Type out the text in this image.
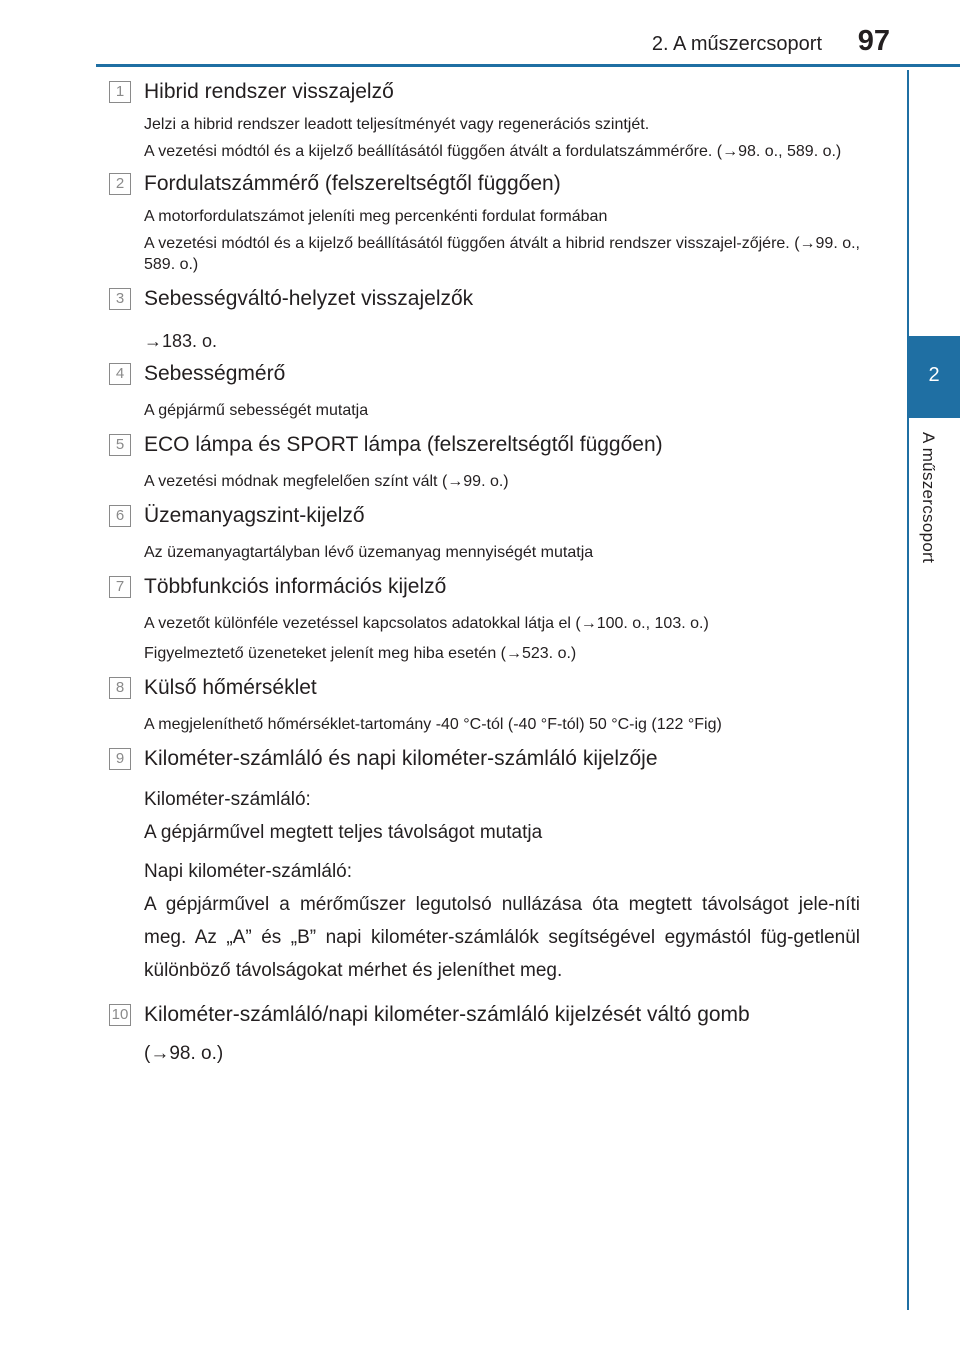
2. A műszercsoport 97
2
A műszercsoport
1 Hibrid rendszer visszajelző

Jelzi a hibrid rendszer leadott teljesítményét vagy regenerációs szintjét.

A vezetési módtól és a kijelző beállításától függően átvált a fordulatszámmérőre. (→98. o., 589. o.)

2 Fordulatszámmérő (felszereltségtől függően)

A motorfordulatszámot jeleníti meg percenkénti fordulat formában

A vezetési módtól és a kijelző beállításától függően átvált a hibrid rendszer visszajel-zőjére. (→99. o., 589. o.)

3 Sebességváltó-helyzet visszajelzők

→183. o.

4 Sebességmérő

A gépjármű sebességét mutatja

5 ECO lámpa és SPORT lámpa (felszereltségtől függően)

A vezetési módnak megfelelően színt vált (→99. o.)

6 Üzemanyagszint-kijelző

Az üzemanyagtartályban lévő üzemanyag mennyiségét mutatja

7 Többfunkciós információs kijelző

A vezetőt különféle vezetéssel kapcsolatos adatokkal látja el (→100. o., 103. o.)

Figyelmeztető üzeneteket jelenít meg hiba esetén (→523. o.)

8 Külső hőmérséklet

A megjeleníthető hőmérséklet-tartomány -40 °C-tól (-40 °F-tól) 50 °C-ig (122 °Fig)

9 Kilométer-számláló és napi kilométer-számláló kijelzője

Kilométer-számláló:

A gépjárművel megtett teljes távolságot mutatja

Napi kilométer-számláló:

A gépjárművel a mérőműszer legutolsó nullázása óta megtett távolságot jele-níti meg. Az „A” és „B” napi kilométer-számlálók segítségével egymástól füg-getlenül különböző távolságokat mérhet és jeleníthet meg.

10 Kilométer-számláló/napi kilométer-számláló kijelzését váltó gomb

(→98. o.)
